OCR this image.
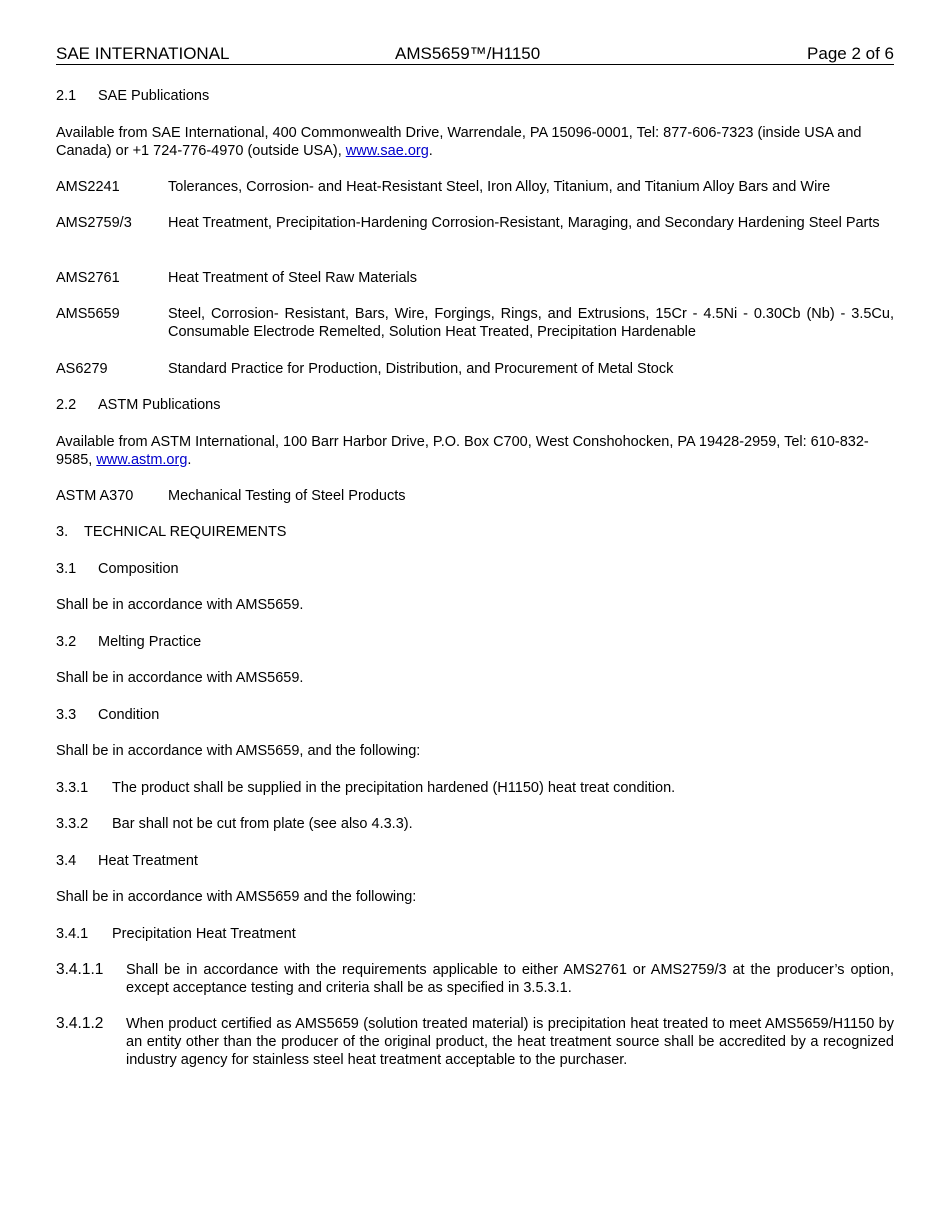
SAE INTERNATIONAL	AMS5659™/H1150	Page 2 of 6
2.1 SAE Publications
Available from SAE International, 400 Commonwealth Drive, Warrendale, PA 15096-0001, Tel: 877-606-7323 (inside USA and Canada) or +1 724-776-4970 (outside USA), www.sae.org.
AMS2241	Tolerances, Corrosion- and Heat-Resistant Steel, Iron Alloy, Titanium, and Titanium Alloy Bars and Wire
AMS2759/3 Heat Treatment, Precipitation-Hardening Corrosion-Resistant, Maraging, and Secondary Hardening Steel Parts
AMS2761	Heat Treatment of Steel Raw Materials
AMS5659	Steel, Corrosion- Resistant, Bars, Wire, Forgings, Rings, and Extrusions, 15Cr - 4.5Ni - 0.30Cb (Nb) - 3.5Cu, Consumable Electrode Remelted, Solution Heat Treated, Precipitation Hardenable
AS6279	Standard Practice for Production, Distribution, and Procurement of Metal Stock
2.2 ASTM Publications
Available from ASTM International, 100 Barr Harbor Drive, P.O. Box C700, West Conshohocken, PA 19428-2959, Tel: 610-832-9585, www.astm.org.
ASTM A370 Mechanical Testing of Steel Products
3. TECHNICAL REQUIREMENTS
3.1 Composition
Shall be in accordance with AMS5659.
3.2 Melting Practice
Shall be in accordance with AMS5659.
3.3 Condition
Shall be in accordance with AMS5659, and the following:
3.3.1 The product shall be supplied in the precipitation hardened (H1150) heat treat condition.
3.3.2 Bar shall not be cut from plate (see also 4.3.3).
3.4 Heat Treatment
Shall be in accordance with AMS5659 and the following:
3.4.1 Precipitation Heat Treatment
3.4.1.1 Shall be in accordance with the requirements applicable to either AMS2761 or AMS2759/3 at the producer’s option, except acceptance testing and criteria shall be as specified in 3.5.3.1.
3.4.1.2 When product certified as AMS5659 (solution treated material) is precipitation heat treated to meet AMS5659/H1150 by an entity other than the producer of the original product, the heat treatment source shall be accredited by a recognized industry agency for stainless steel heat treatment acceptable to the purchaser.
